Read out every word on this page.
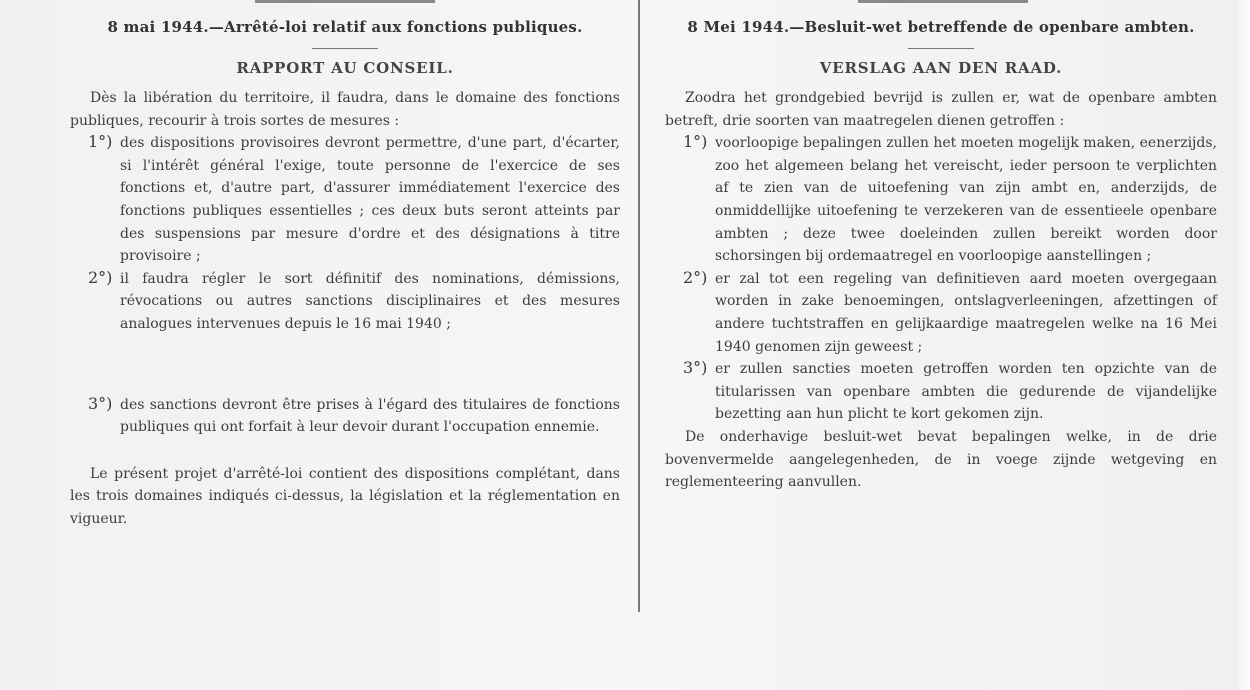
8 mai 1944.—Arrêté-loi relatif aux fonctions publiques.
RAPPORT AU CONSEIL.

Dès la libération du territoire, il faudra, dans le domaine des fonctions publiques, recourir à trois sortes de mesures :

1°) des dispositions provisoires devront permettre, d'une part, d'écarter, si l'intérêt général l'exige, toute personne de l'exercice de ses fonctions et, d'autre part, d'assurer immédiatement l'exercice des fonctions publiques essentielles ; ces deux buts seront atteints par des suspensions par mesure d'ordre et des désignations à titre provisoire ;

2°) il faudra régler le sort définitif des nominations, démissions, révocations ou autres sanctions disciplinaires et des mesures analogues intervenues depuis le 16 mai 1940 ;

3°) des sanctions devront être prises à l'égard des titulaires de fonctions publiques qui ont forfait à leur devoir durant l'occupation ennemie.

Le présent projet d'arrêté-loi contient des dispositions complétant, dans les trois domaines indiqués ci-dessus, la législation et la réglementation en vigueur.

8 Mei 1944.—Besluit-wet betreffende de openbare ambten.
VERSLAG AAN DEN RAAD.

Zoodra het grondgebied bevrijd is zullen er, wat de openbare ambten betreft, drie soorten van maatregelen dienen getroffen :

1°) voorloopige bepalingen zullen het moeten mogelijk maken, eenerzijds, zoo het algemeen belang het vereischt, ieder persoon te verplichten af te zien van de uitoefening van zijn ambt en, anderzijds, de onmiddellijke uitoefening te verzekeren van de essentieele openbare ambten ; deze twee doeleinden zullen bereikt worden door schorsingen bij ordemaatregel en voorloopige aanstellingen ;

2°) er zal tot een regeling van definitieven aard moeten overgegaan worden in zake benoemingen, ontslagverleeningen, afzettingen of andere tuchtstraffen en gelijkaardige maatregelen welke na 16 Mei 1940 genomen zijn geweest ;

3°) er zullen sancties moeten getroffen worden ten opzichte van de titularissen van openbare ambten die gedurende de vijandelijke bezetting aan hun plicht te kort gekomen zijn.

De onderhavige besluit-wet bevat bepalingen welke, in de drie bovenvermelde aangelegenheden, de in voege zijnde wetgeving en reglementeering aanvullen.
